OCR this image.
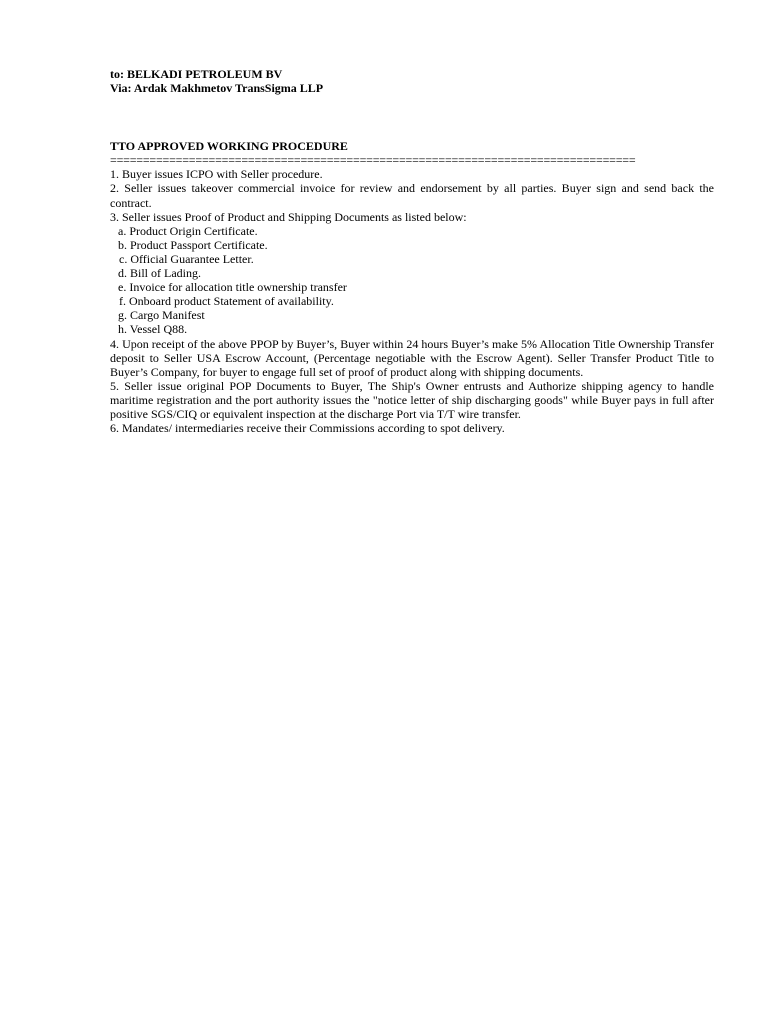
to: BELKADI PETROLEUM BV
Via: Ardak Makhmetov TransSigma LLP
TTO APPROVED WORKING PROCEDURE
================================================================================
1. Buyer issues ICPO with Seller procedure.
2. Seller issues takeover commercial invoice for review and endorsement by all parties. Buyer sign and send back the contract.
3. Seller issues Proof of Product and Shipping Documents as listed below:
a. Product Origin Certificate.
b. Product Passport Certificate.
c. Official Guarantee Letter.
d. Bill of Lading.
e. Invoice for allocation title ownership transfer
f. Onboard product Statement of availability.
g. Cargo Manifest
h. Vessel Q88.
4. Upon receipt of the above PPOP by Buyer’s, Buyer within 24 hours Buyer’s make 5% Allocation Title Ownership Transfer deposit to Seller USA Escrow Account, (Percentage negotiable with the Escrow Agent). Seller Transfer Product Title to Buyer’s Company, for buyer to engage full set of proof of product along with shipping documents.
5. Seller issue original POP Documents to Buyer, The Ship's Owner entrusts and Authorize shipping agency to handle maritime registration and the port authority issues the "notice letter of ship discharging goods" while Buyer pays in full after positive SGS/CIQ or equivalent inspection at the discharge Port via T/T wire transfer.
6. Mandates/ intermediaries receive their Commissions according to spot delivery.
